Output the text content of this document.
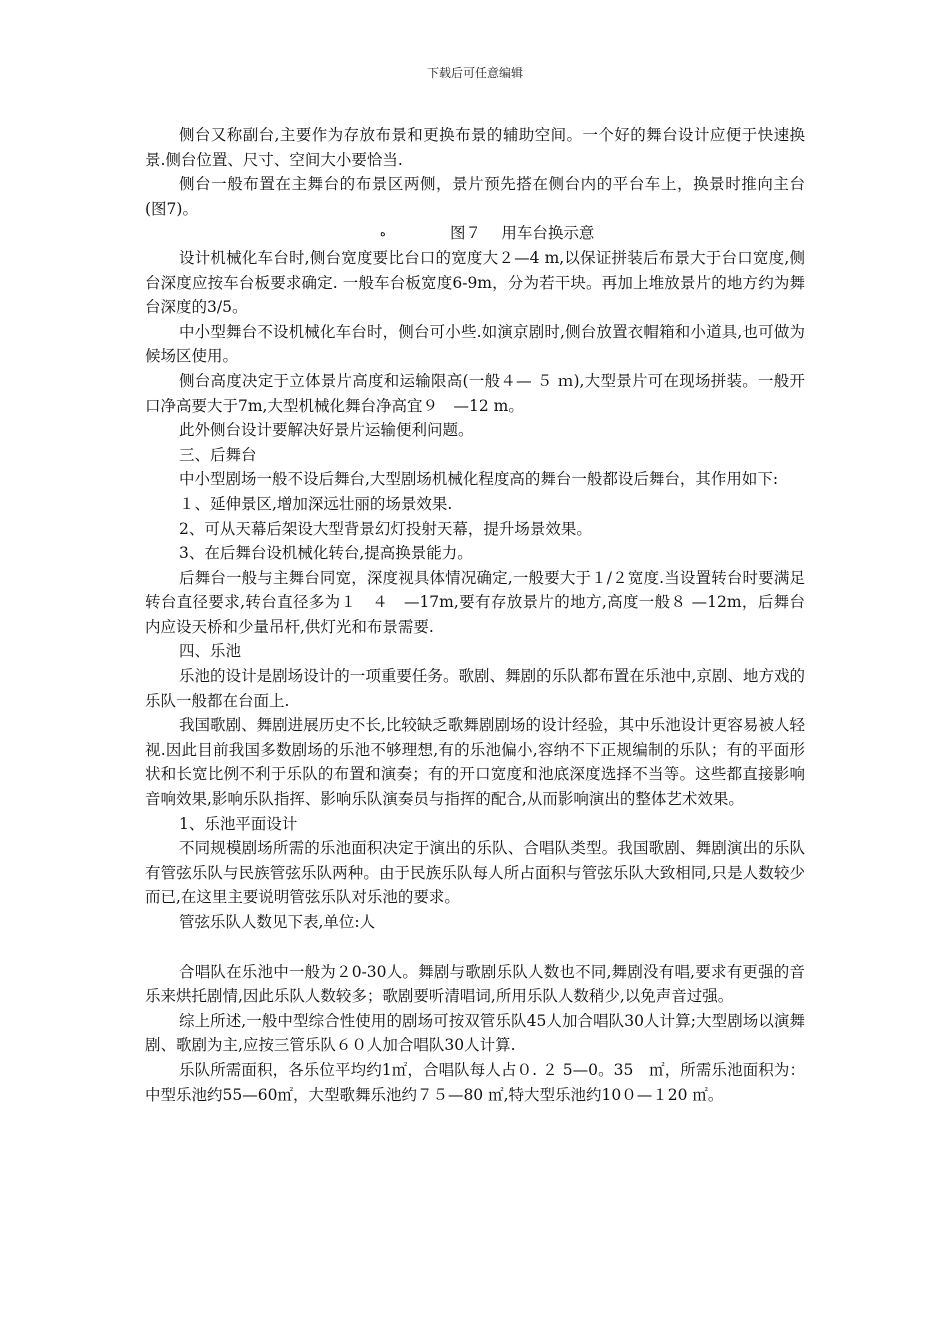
下载后可任意编辑

侧台又称副台,主要作为存放布景和更换布景的辅助空间。一个好的舞台设计应便于快速换景.侧台位置、尺寸、空间大小要恰当.

侧台一般布置在主舞台的布景区两侧，景片预先搭在侧台内的平台车上，换景时推向主台(图7)。

ه	图７　 用车台换示意

设计机械化车台时,侧台宽度要比台口的宽度大２—4 m,以保证拼装后布景大于台口宽度,侧台深度应按车台板要求确定. 一般车台板宽度6-9m，分为若干块。再加上堆放景片的地方约为舞台深度的3/5。

中小型舞台不设机械化车台时，侧台可小些.如演京剧时,侧台放置衣帽箱和小道具,也可做为候场区使用。

侧台高度决定于立体景片高度和运输限高(一般４— ５ ｍ),大型景片可在现场拼装。一般开口净高要大于7m,大型机械化舞台净高宜９　—12 m。

此外侧台设计要解决好景片运输便利问题。

三、后舞台

中小型剧场一般不设后舞台,大型剧场机械化程度高的舞台一般都设后舞台，其作用如下:

１、延伸景区,增加深远壮丽的场景效果.

2、可从天幕后架设大型背景幻灯投射天幕，提升场景效果。

3、在后舞台设机械化转台,提高换景能力。

后舞台一般与主舞台同宽，深度视具体情况确定,一般要大于１/２宽度.当设置转台时要满足转台直径要求,转台直径多为１　４　—17m,要有存放景片的地方,高度一般８ —12m，后舞台内应设天桥和少量吊杆,供灯光和布景需要.

四、乐池

乐池的设计是剧场设计的一项重要任务。歌剧、舞剧的乐队都布置在乐池中,京剧、地方戏的乐队一般都在台面上.

我国歌剧、舞剧进展历史不长,比较缺乏歌舞剧剧场的设计经验，其中乐池设计更容易被人轻视.因此目前我国多数剧场的乐池不够理想,有的乐池偏小,容纳不下正规编制的乐队；有的平面形状和长宽比例不利于乐队的布置和演奏；有的开口宽度和池底深度选择不当等。这些都直接影响音响效果,影响乐队指挥、影响乐队演奏员与指挥的配合,从而影响演出的整体艺术效果。

1、乐池平面设计

不同规模剧场所需的乐池面积决定于演出的乐队、合唱队类型。我国歌剧、舞剧演出的乐队有管弦乐队与民族管弦乐队两种。由于民族乐队每人所占面积与管弦乐队大致相同,只是人数较少而已,在这里主要说明管弦乐队对乐池的要求。

管弦乐队人数见下表,单位:人

合唱队在乐池中一般为２0-30人。舞剧与歌剧乐队人数也不同,舞剧没有唱,要求有更强的音乐来烘托剧情,因此乐队人数较多；歌剧要听清唱词,所用乐队人数稍少,以免声音过强。

综上所述,一般中型综合性使用的剧场可按双管乐队45人加合唱队30人计算;大型剧场以演舞剧、歌剧为主,应按三管乐队６０人加合唱队30人计算.

乐队所需面积，各乐位平均约1㎡，合唱队每人占０. ２ 5—0。35　㎡，所需乐池面积为：中型乐池约55—60㎡，大型歌舞乐池约７５—80 ㎡,特大型乐池约10０—１20 ㎡。
